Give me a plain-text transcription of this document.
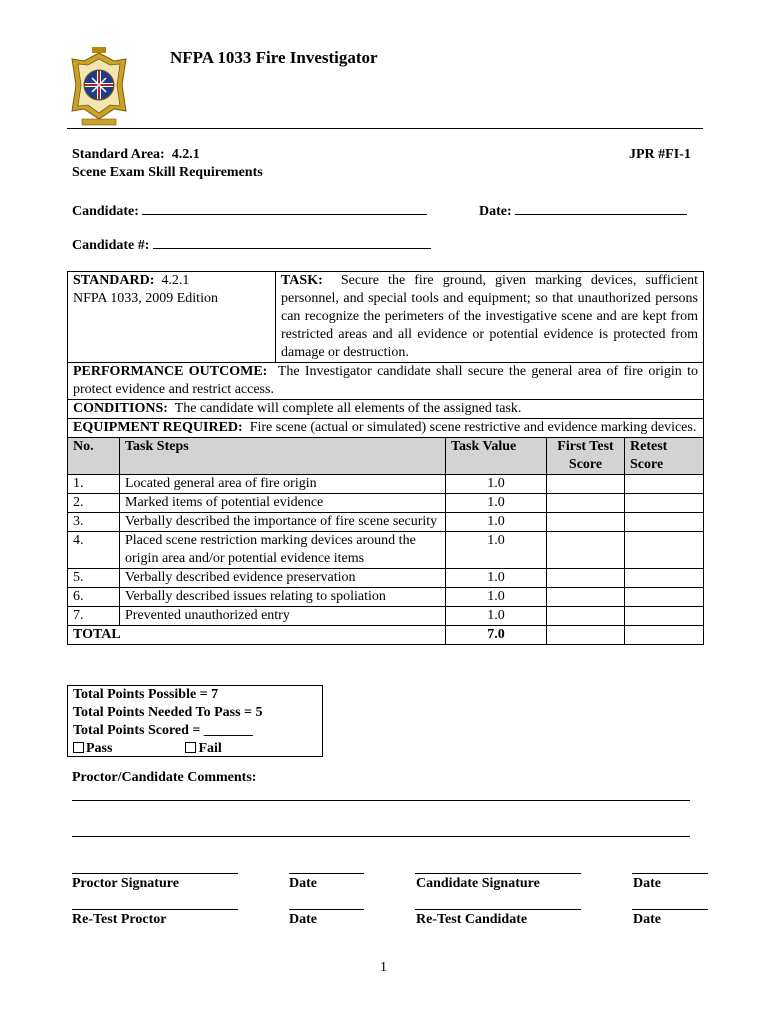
NFPA 1033 Fire Investigator
Standard Area: 4.2.1	JPR #FI-1
Scene Exam Skill Requirements
Candidate:	Date:
Candidate #:
STANDARD: 4.2.1
NFPA 1033, 2009 Edition		TASK: Secure the fire ground, given marking devices, sufficient personnel, and special tools and equipment; so that unauthorized persons can recognize the perimeters of the investigative scene and are kept from restricted areas and all evidence or potential evidence is protected from damage or destruction.			
PERFORMANCE OUTCOME: The Investigator candidate shall secure the general area of fire origin to protect evidence and restrict access.					
CONDITIONS: The candidate will complete all elements of the assigned task.					
EQUIPMENT REQUIRED: Fire scene (actual or simulated) scene restrictive and evidence marking devices.					
No.	Task Steps		Task Value	First Test Score	Retest Score
1.	Located general area of fire origin		1.0		
2.	Marked items of potential evidence		1.0		
3.	Verbally described the importance of fire scene security		1.0		
4.	Placed scene restriction marking devices around the origin area and/or potential evidence items		1.0		
5.	Verbally described evidence preservation		1.0		
6.	Verbally described issues relating to spoliation		1.0		
7.	Prevented unauthorized entry		1.0		
TOTAL			7.0		
Total Points Possible = 7
Total Points Needed To Pass = 5
Total Points Scored = _______
Pass	Fail
Proctor/Candidate Comments:
Proctor Signature	Date	Candidate Signature	Date
Re-Test Proctor	Date	Re-Test Candidate	Date
1
